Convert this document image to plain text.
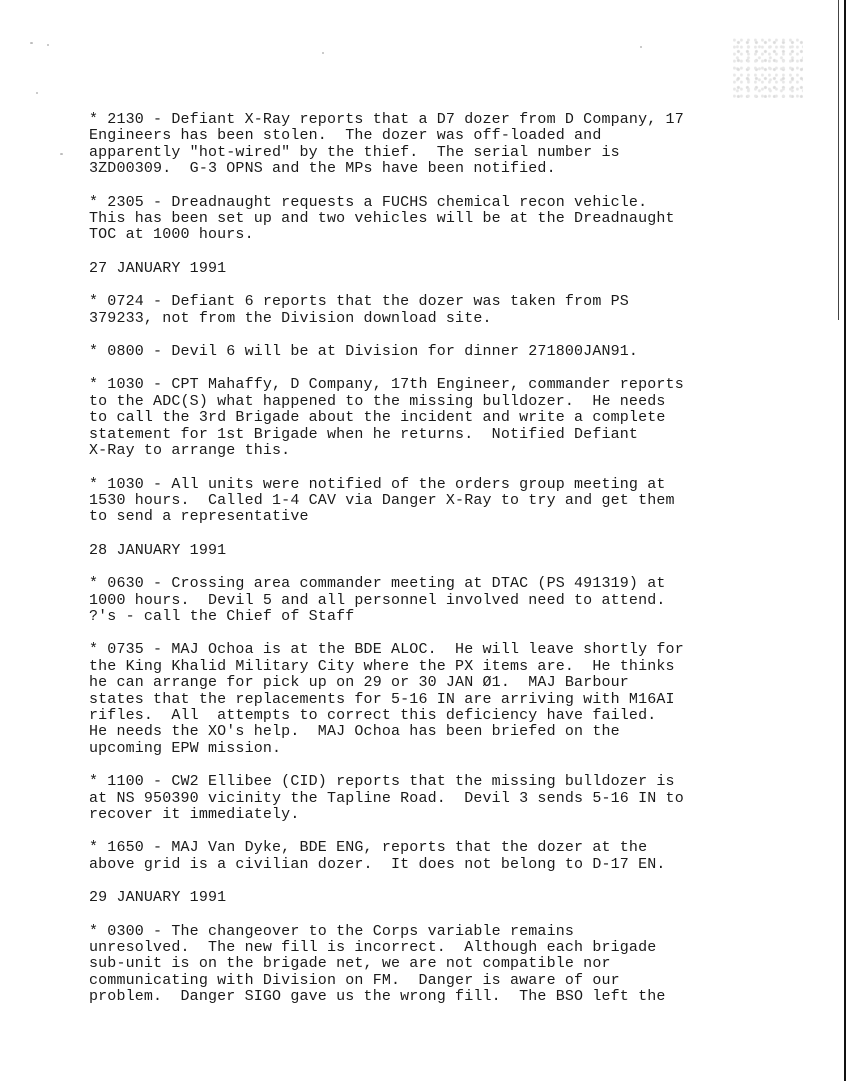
* 2130 - Defiant X-Ray reports that a D7 dozer from D Company, 17
Engineers has been stolen.  The dozer was off-loaded and
apparently "hot-wired" by the thief.  The serial number is
3ZD00309.  G-3 OPNS and the MPs have been notified.
* 2305 - Dreadnaught requests a FUCHS chemical recon vehicle.
This has been set up and two vehicles will be at the Dreadnaught
TOC at 1000 hours.
27 JANUARY 1991
* 0724 - Defiant 6 reports that the dozer was taken from PS
379233, not from the Division download site.
* 0800 - Devil 6 will be at Division for dinner 271800JAN91.
* 1030 - CPT Mahaffy, D Company, 17th Engineer, commander reports
to the ADC(S) what happened to the missing bulldozer.  He needs
to call the 3rd Brigade about the incident and write a complete
statement for 1st Brigade when he returns.  Notified Defiant
X-Ray to arrange this.
* 1030 - All units were notified of the orders group meeting at
1530 hours.  Called 1-4 CAV via Danger X-Ray to try and get them
to send a representative
28 JANUARY 1991
* 0630 - Crossing area commander meeting at DTAC (PS 491319) at
1000 hours.  Devil 5 and all personnel involved need to attend.
?'s - call the Chief of Staff
* 0735 - MAJ Ochoa is at the BDE ALOC.  He will leave shortly for
the King Khalid Military City where the PX items are.  He thinks
he can arrange for pick up on 29 or 30 JAN Ø1.  MAJ Barbour
states that the replacements for 5-16 IN are arriving with M16AI
rifles.  All  attempts to correct this deficiency have failed.
He needs the XO's help.  MAJ Ochoa has been briefed on the
upcoming EPW mission.
* 1100 - CW2 Ellibee (CID) reports that the missing bulldozer is
at NS 950390 vicinity the Tapline Road.  Devil 3 sends 5-16 IN to
recover it immediately.
* 1650 - MAJ Van Dyke, BDE ENG, reports that the dozer at the
above grid is a civilian dozer.  It does not belong to D-17 EN.
29 JANUARY 1991
* 0300 - The changeover to the Corps variable remains
unresolved.  The new fill is incorrect.  Although each brigade
sub-unit is on the brigade net, we are not compatible nor
communicating with Division on FM.  Danger is aware of our
problem.  Danger SIGO gave us the wrong fill.  The BSO left the
